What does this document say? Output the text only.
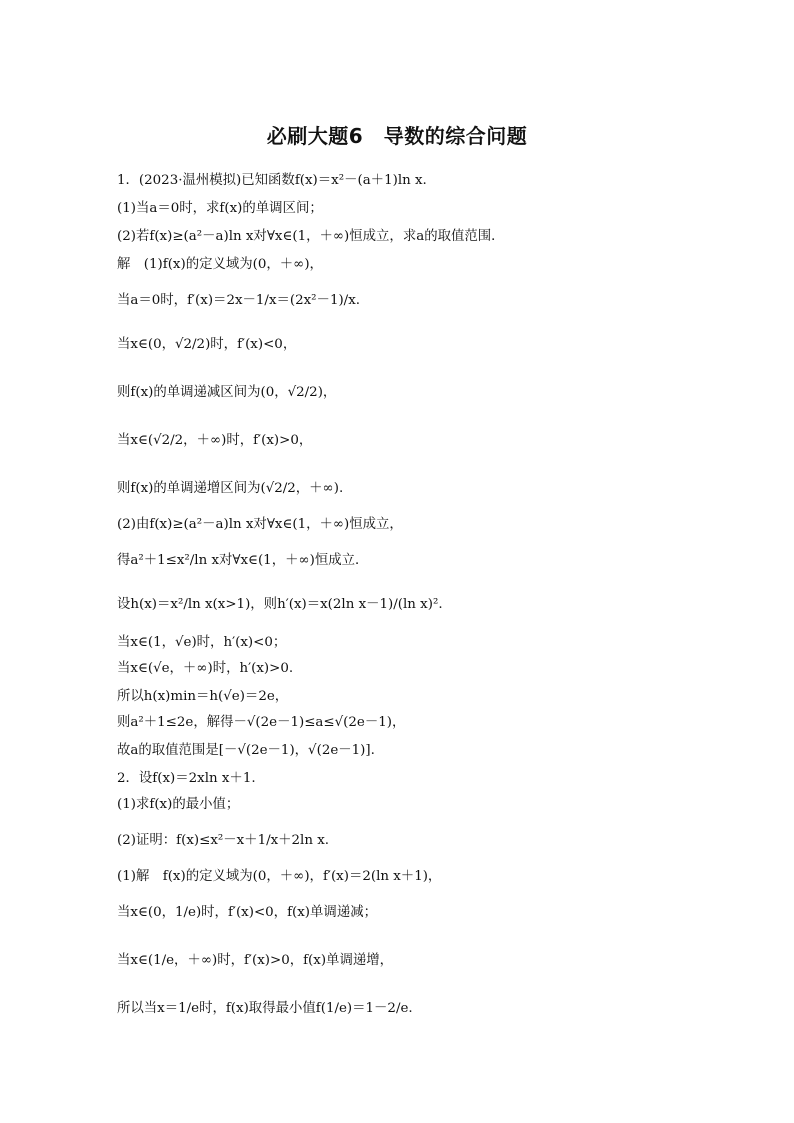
必刷大题6　导数的综合问题
1．(2023·温州模拟)已知函数f(x)＝x²－(a＋1)ln x.
(1)当a＝0时，求f(x)的单调区间；
(2)若f(x)≥(a²－a)ln x对∀x∈(1，＋∞)恒成立，求a的取值范围．
解　(1)f(x)的定义域为(0，＋∞)，
当a＝0时，f′(x)＝2x－1/x＝(2x²－1)/x.
当x∈(0，√2/2)时，f′(x)<0，
则f(x)的单调递减区间为(0，√2/2)，
当x∈(√2/2，＋∞)时，f′(x)>0，
则f(x)的单调递增区间为(√2/2，＋∞).
(2)由f(x)≥(a²－a)ln x对∀x∈(1，＋∞)恒成立，
得a²＋1≤x²/ln x对∀x∈(1，＋∞)恒成立．
设h(x)＝x²/ln x(x>1)，则h′(x)＝x(2ln x－1)/(ln x)².
当x∈(1，√e)时，h′(x)<0；
当x∈(√e，＋∞)时，h′(x)>0.
所以h(x)min＝h(√e)＝2e，
则a²＋1≤2e，解得－√(2e－1)≤a≤√(2e－1)，
故a的取值范围是[－√(2e－1)，√(2e－1)].
2．设f(x)＝2xln x＋1.
(1)求f(x)的最小值；
(2)证明：f(x)≤x²－x＋1/x＋2ln x.
(1)解　f(x)的定义域为(0，＋∞)，f′(x)＝2(ln x＋1)，
当x∈(0，1/e)时，f′(x)<0，f(x)单调递减；
当x∈(1/e，＋∞)时，f′(x)>0，f(x)单调递增，
所以当x＝1/e时，f(x)取得最小值f(1/e)＝1－2/e.
